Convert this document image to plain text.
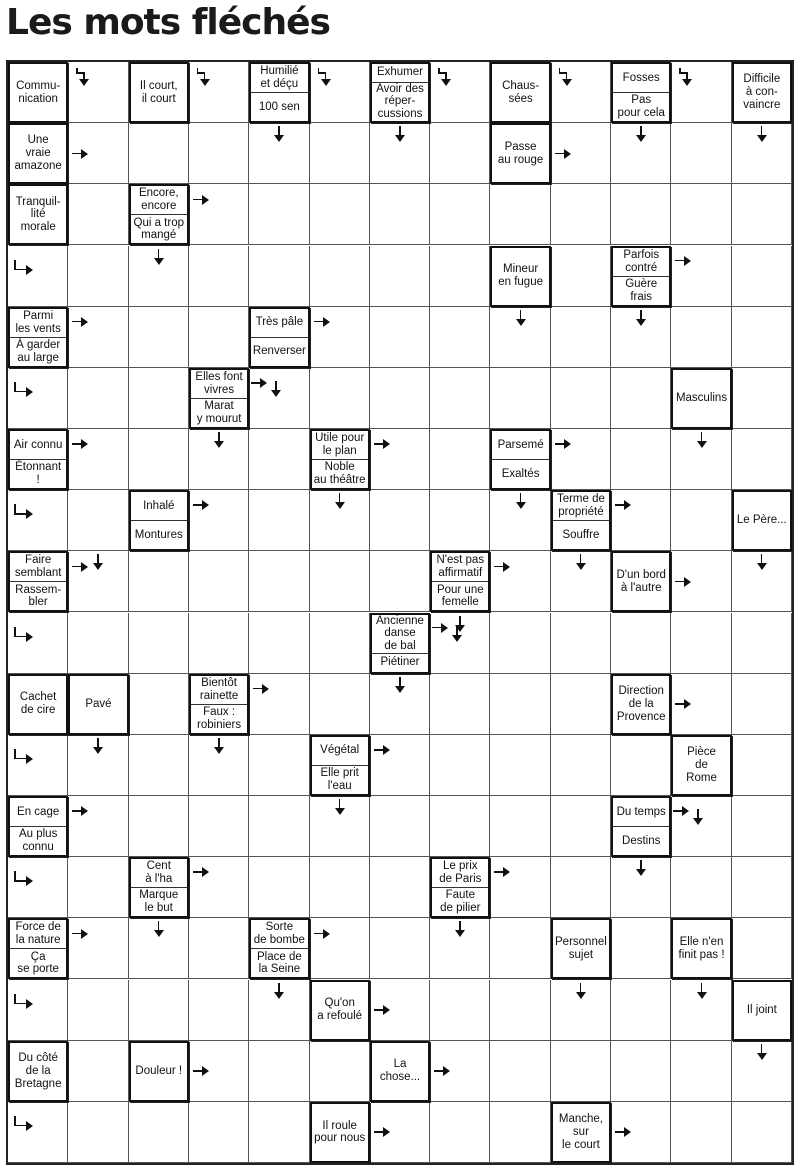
Les mots fléchés
Commu-
nication
Il court,
il court
Humilié
et déçu
100 sen
Exhumer
Avoir des
réper-
cussions
Chaus-
sées
Fosses
Pas
pour cela
Difficile
à con-
vaincre
Une
vraie
amazone
Passe
au rouge
Tranquil-
lité
morale
Encore,
encore
Qui a trop
mangé
Mineur
en fugue
Parfois
contré
Guère
frais
Parmi
les vents
À garder
au large
Très pâle
Renverser
Elles font
vivres
Marat
y mourut
Masculins
Air connu
Étonnant !
Utile pour
le plan
Noble
au théâtre
Parsemé
Exaltés
Inhalé
Montures
Terme de
propriété
Souffre
Le Père...
Faire
semblant
Rassem-
bler
N'est pas
affirmatif
Pour une
femelle
D'un bord
à l'autre
Ancienne
danse
de bal
Piétiner
Cachet
de cire
Pavé
Bientôt
rainette
Faux :
robiniers
Direction
de la
Provence
Végétal
Elle prit
l'eau
Pièce
de
Rome
En cage
Au plus
connu
Du temps
Destins
Cent
à l'ha
Marque
le but
Le prix
de Paris
Faute
de pilier
Force de
la nature
Ça
se porte
Sorte
de bombe
Place de
la Seine
Personnel
sujet
Elle n'en
finit pas !
Qu'on
a refoulé
Il joint
Du côté
de la
Bretagne
Douleur !
La
chose...
Il roule
pour nous
Manche,
sur
le court
